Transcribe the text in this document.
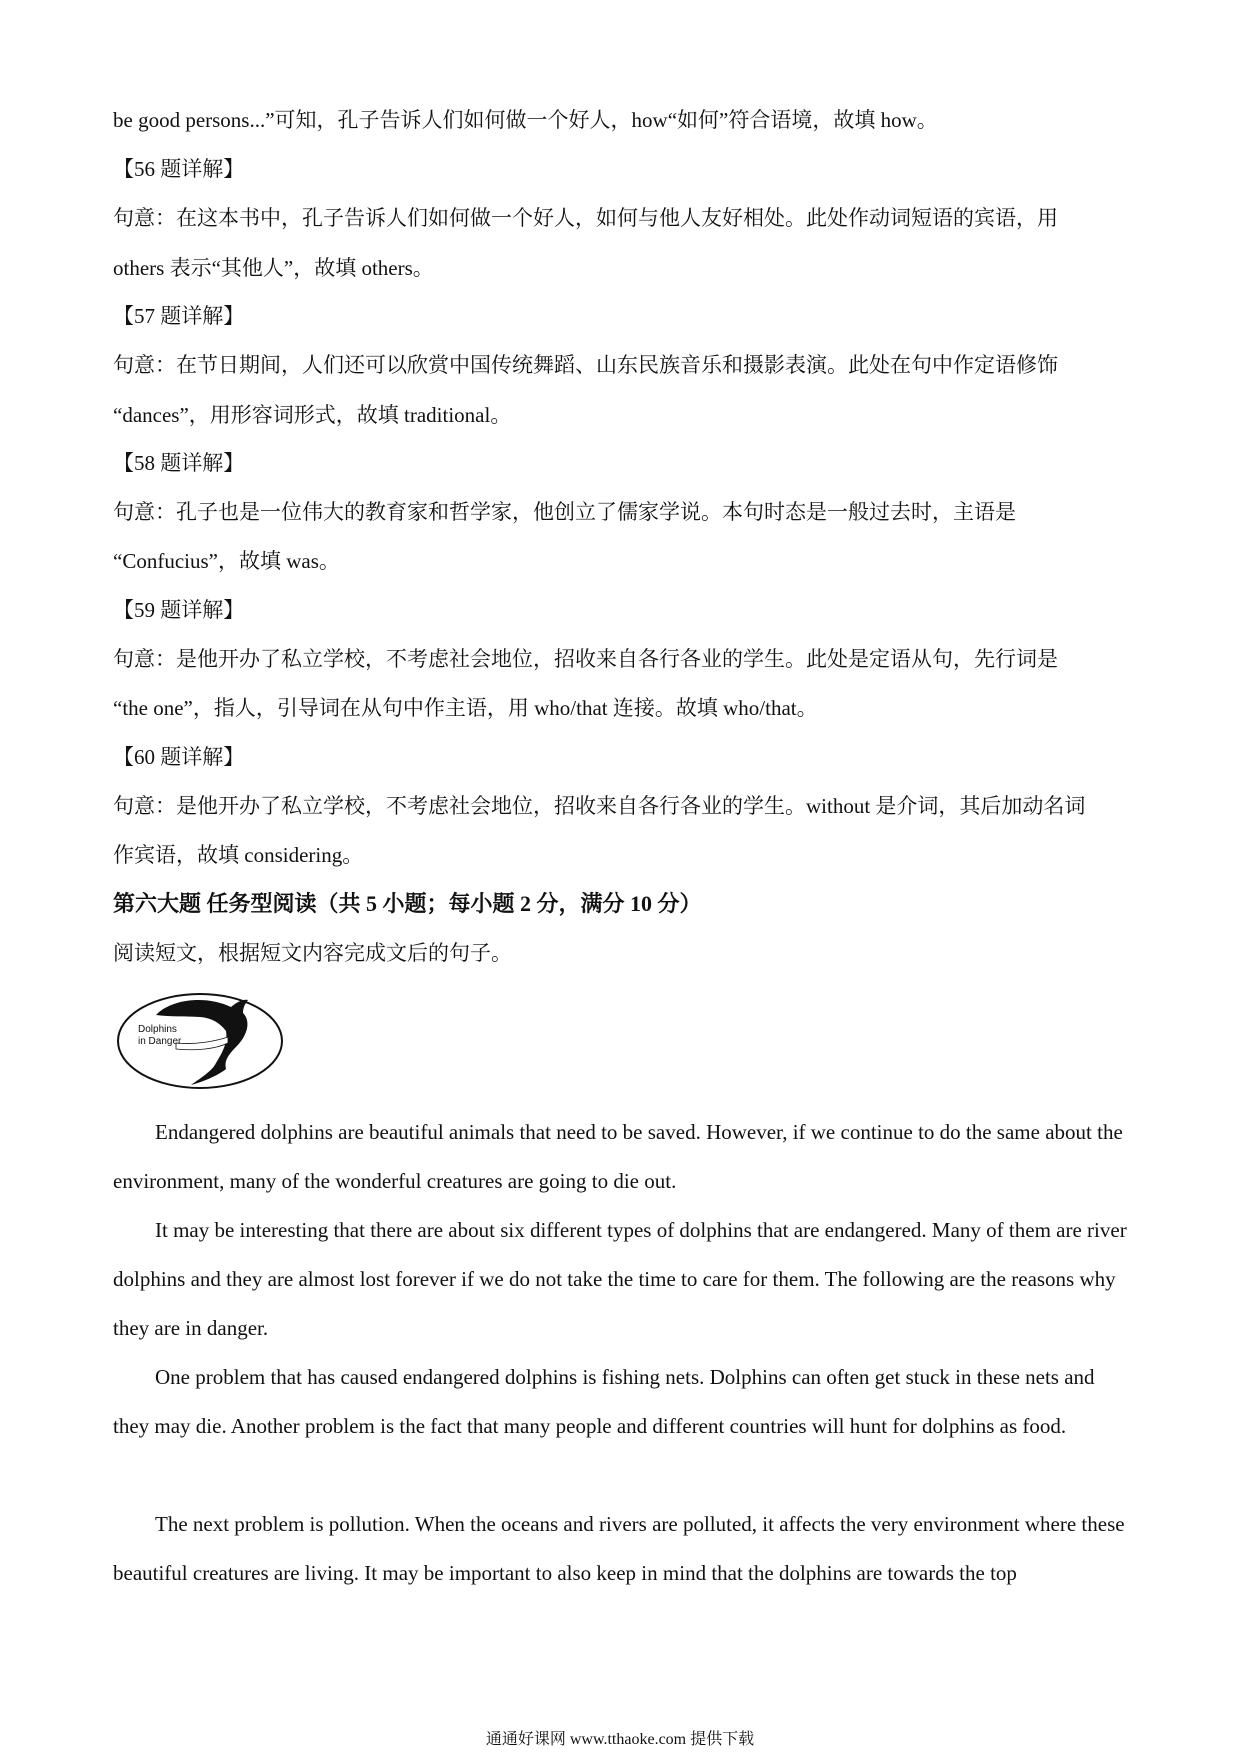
be good persons...”可知，孔子告诉人们如何做一个好人，how“如何”符合语境，故填 how。
【56 题详解】
句意：在这本书中，孔子告诉人们如何做一个好人，如何与他人友好相处。此处作动词短语的宾语，用
others 表示“其他人”，故填 others。
【57 题详解】
句意：在节日期间，人们还可以欣赏中国传统舞蹈、山东民族音乐和摄影表演。此处在句中作定语修饰
“dances”，用形容词形式，故填 traditional。
【58 题详解】
句意：孔子也是一位伟大的教育家和哲学家，他创立了儒家学说。本句时态是一般过去时，主语是
“Confucius”，故填 was。
【59 题详解】
句意：是他开办了私立学校，不考虑社会地位，招收来自各行各业的学生。此处是定语从句，先行词是
“the one”，指人，引导词在从句中作主语，用 who/that 连接。故填 who/that。
【60 题详解】
句意：是他开办了私立学校，不考虑社会地位，招收来自各行各业的学生。without 是介词，其后加动名词
作宾语，故填 considering。
第六大题 任务型阅读（共 5 小题；每小题 2 分，满分 10 分）
阅读短文，根据短文内容完成文后的句子。
Dolphins
in Danger
Endangered dolphins are beautiful animals that need to be saved. However, if we continue to do the same about the environment, many of the wonderful creatures are going to die out.
It may be interesting that there are about six different types of dolphins that are endangered. Many of them are river dolphins and they are almost lost forever if we do not take the time to care for them. The following are the reasons why they are in danger.
One problem that has caused endangered dolphins is fishing nets. Dolphins can often get stuck in these nets and they may die. Another problem is the fact that many people and different countries will hunt for dolphins as food.
The next problem is pollution. When the oceans and rivers are polluted, it affects the very environment where these beautiful creatures are living. It may be important to also keep in mind that the dolphins are towards the top
通通好课网 www.tthaoke.com 提供下载
